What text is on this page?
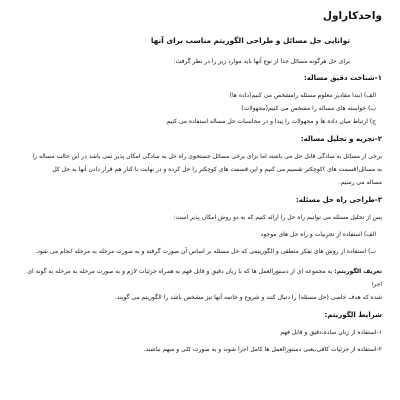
واحدکاراول
توانایی حل مسائل و طراحی الگوریتم مناسب برای آنها
برای حل هرگونه مسائل جدا از نوع آنها باید موارد زیر را در نظر گرفت:
۱-شناخت دقیق مساله:
الف) ابتدا مقادیر معلوم مسئله رامشخص می کنیم(داده ها)
ب) خواسته های مساله را مشخص می کنیم(مجهولات)
ج) ارتباط میان داده ها و مجهولات را پیدا و در محاسبات حل مساله استفاده می کنیم
۲-تجزیه و تحلیل مساله:
برخی از مسائل به سادگی قابل حل می باشند اما برای برخی مسائل جستجوی راه حل به سادگی امکان پذیر نمی باشد در این حالت مساله را
به مسائل(قسمت های )کوچکتر تقسیم می کنیم و این قسمت های کوچکتر را حل کرده و در نهایت با کنار هم قرار دادن آنها به حل کل
مساله می رسیم.
۳-طراحی راه حل مسئله:
پس از تحلیل مسئله می توانیم راه حل را ارائه کنیم که به دو روش امکان پذیر است:
الف) استفاده از تجربیات و راه حل های موجود
ب) استفاده از روش های تفکر منطقی و الگوریتمی که حل مسئله بر اساس آن صورت گرفته و به صورت مرحله به مرحله انجام می شود.
تعریف الگوریتم: به مجموعه ای از دستورالعمل ها که با زبان دقیق و قابل فهم به همراه جزئیات لازم و به صورت مرحله به مرحله به گونه ای اجرا
شده که هدف خاصی (حل مسئله) را دنبال کنند و شروع و خاتمه آنها نیز مشخص باشد را الگوریتم می گویند.
شرایط الگوریتم:
۱-استفاده از زبان ساده،دقیق و قابل فهم
۲-استفاده از جزئیات کافی،یعنی دستورالعمل ها کامل اجرا شوند و به صورت کلی و مبهم نباشند.
